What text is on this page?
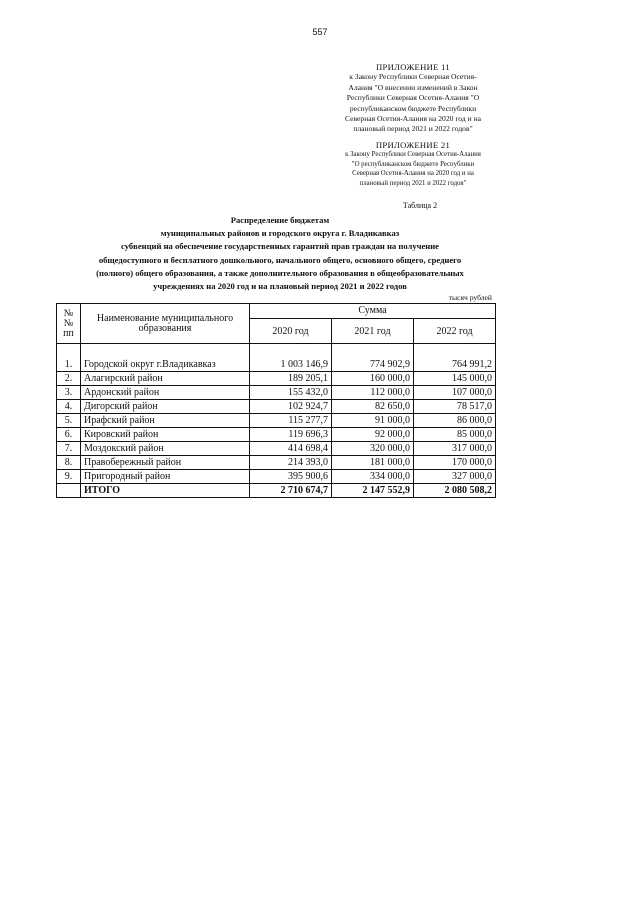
557
ПРИЛОЖЕНИЕ 11
к Закону Республики Северная Осетия-
Алания "О внесении изменений в Закон
Республики Северная Осетия-Алания "О
республиканском бюджете Республики
Северная Осетия-Алания на 2020 год и на
плановый период 2021 и 2022 годов"
ПРИЛОЖЕНИЕ 21
к Закону Республики Северная Осетия-Алания
"О республиканском бюджете Республики
Северная Осетия-Алания на 2020 год и на
плановый период 2021 и 2022 годов"
Таблица 2
Распределение бюджетам
муниципальных районов и городского округа г. Владикавказ
субвенций на обеспечение государственных гарантий прав граждан на получение
общедоступного и бесплатного дошкольного, начального общего, основного общего, среднего
(полного) общего образования, а также дополнительного образования в общеобразовательных
учреждениях на 2020 год и на плановый период 2021 и 2022 годов
тысяч рублей
№№ пп	Наименование муниципального образования	Сумма		
		2020 год	2021 год	2022 год

1.	Городской округ г.Владикавказ	1 003 146,9	774 902,9	764 991,2
2.	Алагирский район	189 205,1	160 000,0	145 000,0
3.	Ардонский район	155 432,0	112 000,0	107 000,0
4.	Дигорский район	102 924,7	82 650,0	78 517,0
5.	Ирафский район	115 277,7	91 000,0	86 000,0
6.	Кировский район	119 696,3	92 000,0	85 000,0
7.	Моздокский район	414 698,4	320 000,0	317 000,0
8.	Правобережный район	214 393,0	181 000,0	170 000,0
9.	Пригородный район	395 900,6	334 000,0	327 000,0
	ИТОГО	2 710 674,7	2 147 552,9	2 080 508,2
